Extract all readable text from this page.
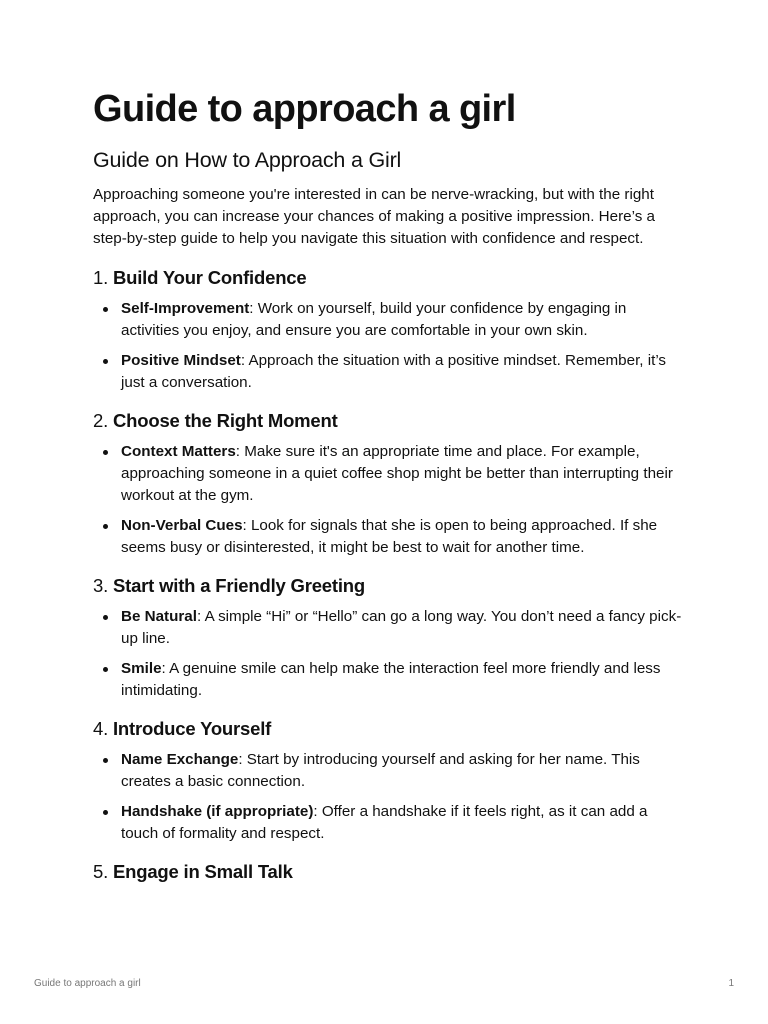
Guide to approach a girl
Guide on How to Approach a Girl

Approaching someone you're interested in can be nerve-wracking, but with the right approach, you can increase your chances of making a positive impression. Here’s a step-by-step guide to help you navigate this situation with confidence and respect.

1. Build Your Confidence
Self-Improvement: Work on yourself, build your confidence by engaging in activities you enjoy, and ensure you are comfortable in your own skin.
Positive Mindset: Approach the situation with a positive mindset. Remember, it’s just a conversation.
2. Choose the Right Moment
Context Matters: Make sure it's an appropriate time and place. For example, approaching someone in a quiet coffee shop might be better than interrupting their workout at the gym.
Non-Verbal Cues: Look for signals that she is open to being approached. If she seems busy or disinterested, it might be best to wait for another time.
3. Start with a Friendly Greeting
Be Natural: A simple “Hi” or “Hello” can go a long way. You don’t need a fancy pick-up line.
Smile: A genuine smile can help make the interaction feel more friendly and less intimidating.
4. Introduce Yourself
Name Exchange: Start by introducing yourself and asking for her name. This creates a basic connection.
Handshake (if appropriate): Offer a handshake if it feels right, as it can add a touch of formality and respect.
5. Engage in Small Talk
Guide to approach a girl	1
